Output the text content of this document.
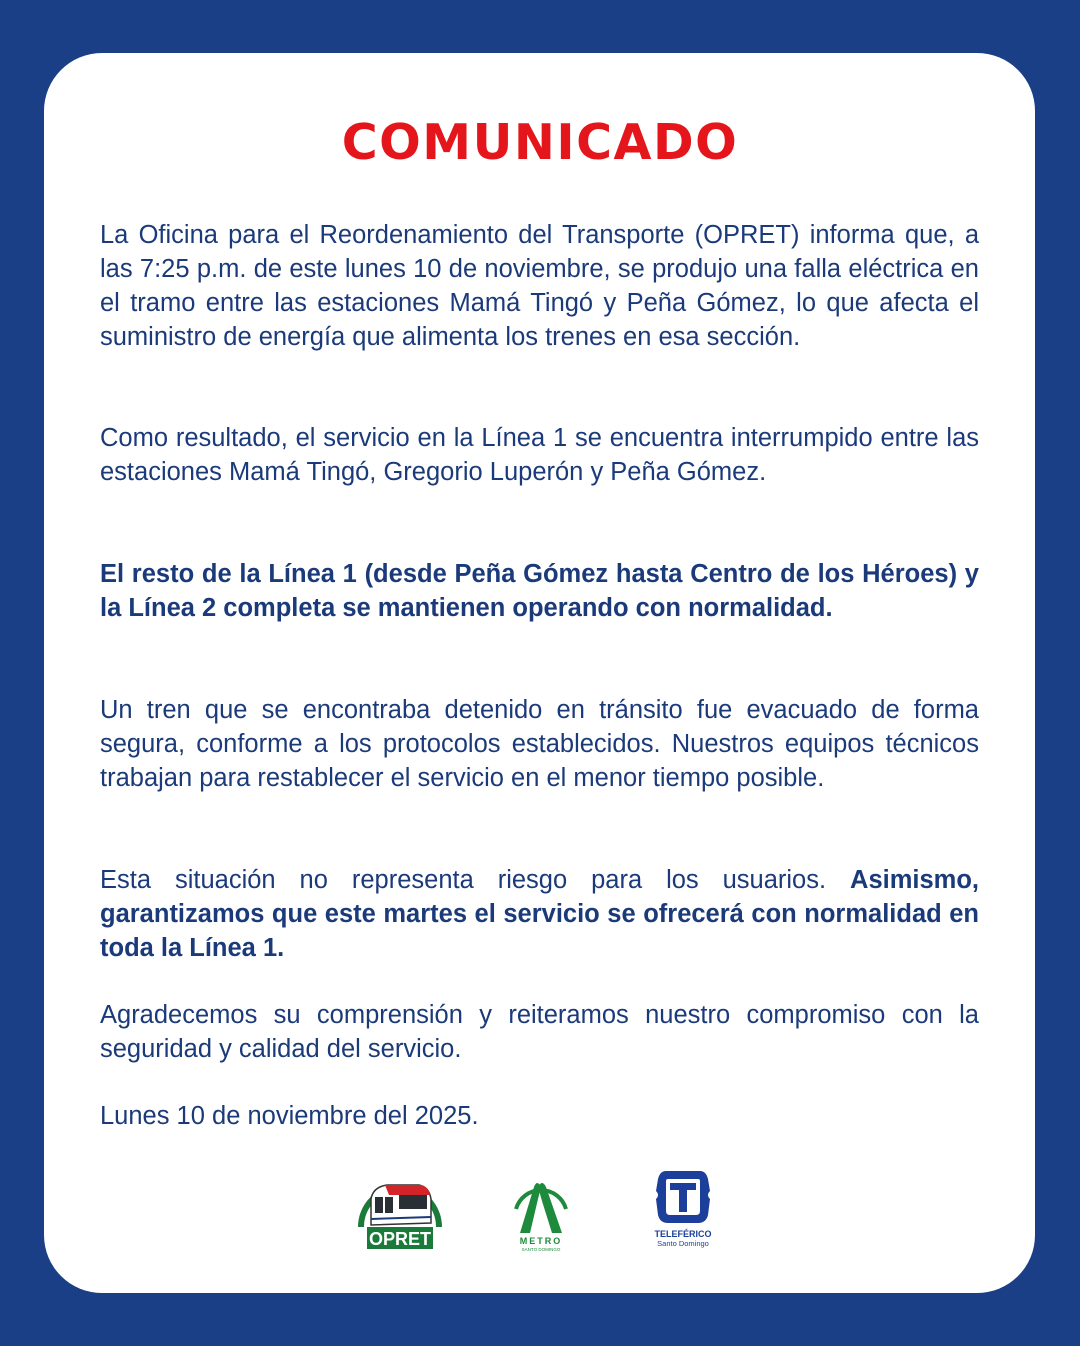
COMUNICADO

La Oficina para el Reordenamiento del Transporte (OPRET) informa que, a las 7:25 p.m. de este lunes 10 de noviembre, se produjo una falla eléctrica en el tramo entre las estaciones Mamá Tingó y Peña Gómez, lo que afecta el suministro de energía que alimenta los trenes en esa sección.

Como resultado, el servicio en la Línea 1 se encuentra interrumpido entre las estaciones Mamá Tingó, Gregorio Luperón y Peña Gómez.

El resto de la Línea 1 (desde Peña Gómez hasta Centro de los Héroes) y la Línea 2 completa se mantienen operando con normalidad.

Un tren que se encontraba detenido en tránsito fue evacuado de forma segura, conforme a los protocolos establecidos. Nuestros equipos técnicos trabajan para restablecer el servicio en el menor tiempo posible.

Esta situación no representa riesgo para los usuarios. Asimismo, garantizamos que este martes el servicio se ofrecerá con normalidad en toda la Línea 1.

Agradecemos su comprensión y reiteramos nuestro compromiso con la seguridad y calidad del servicio.

Lunes 10 de noviembre del 2025.

OPRET	METRO
SANTO DOMINGO
TELEFÉRICO
Santo Domingo
